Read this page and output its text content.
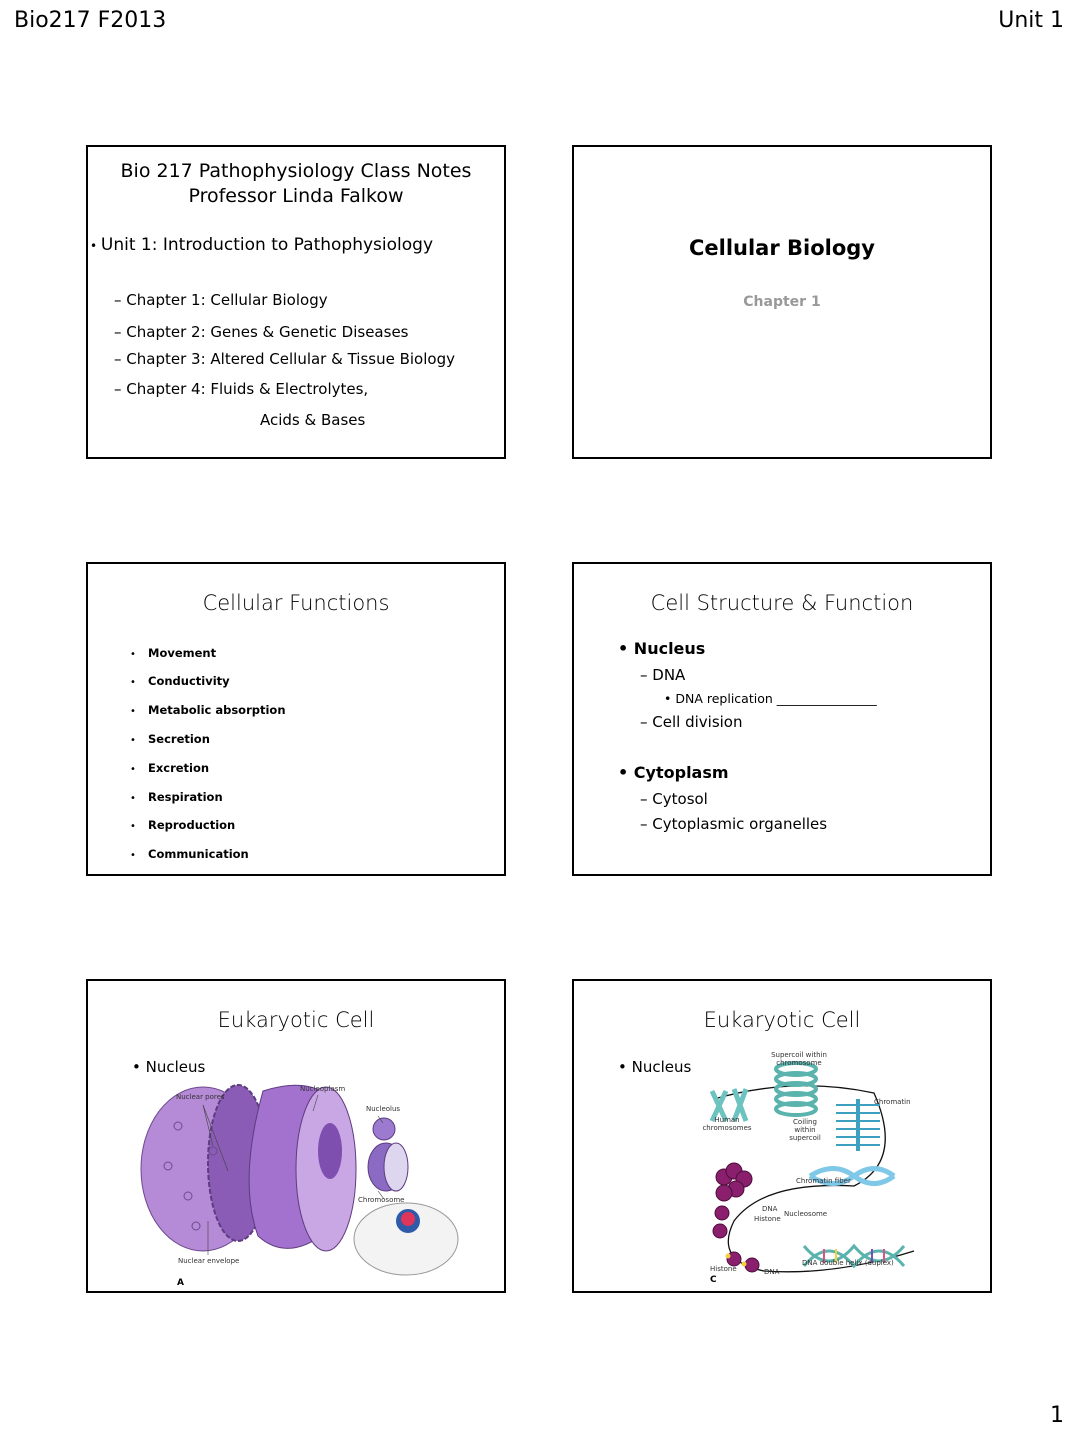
Bio217 F2013	Unit 1
Bio 217 Pathophysiology Class Notes
Professor Linda Falkow
• Unit 1: Introduction to Pathophysiology
– Chapter 1: Cellular Biology
– Chapter 2: Genes & Genetic Diseases
– Chapter 3: Altered Cellular & Tissue Biology
– Chapter 4: Fluids & Electrolytes,
Acids & Bases
Cellular Biology
Chapter 1
Cellular Functions
• Movement
• Conductivity
• Metabolic absorption
• Secretion
• Excretion
• Respiration
• Reproduction
• Communication
Cell Structure & Function
• Nucleus
– DNA
• DNA replication ________________
– Cell division
• Cytoplasm
– Cytosol
– Cytoplasmic organelles
Eukaryotic Cell
• Nucleus
Nuclear pores
Nucleoplasm
Nucleolus
Chromosome
Nuclear envelope
A
Eukaryotic Cell
• Nucleus
Supercoil within chromosome
Chromatin
Human chromosomes
Coiling within supercoil
Chromatin fiber
DNA
Histone
Nucleosome
Histone	DNA
DNA double helix (duplex)
C
1
